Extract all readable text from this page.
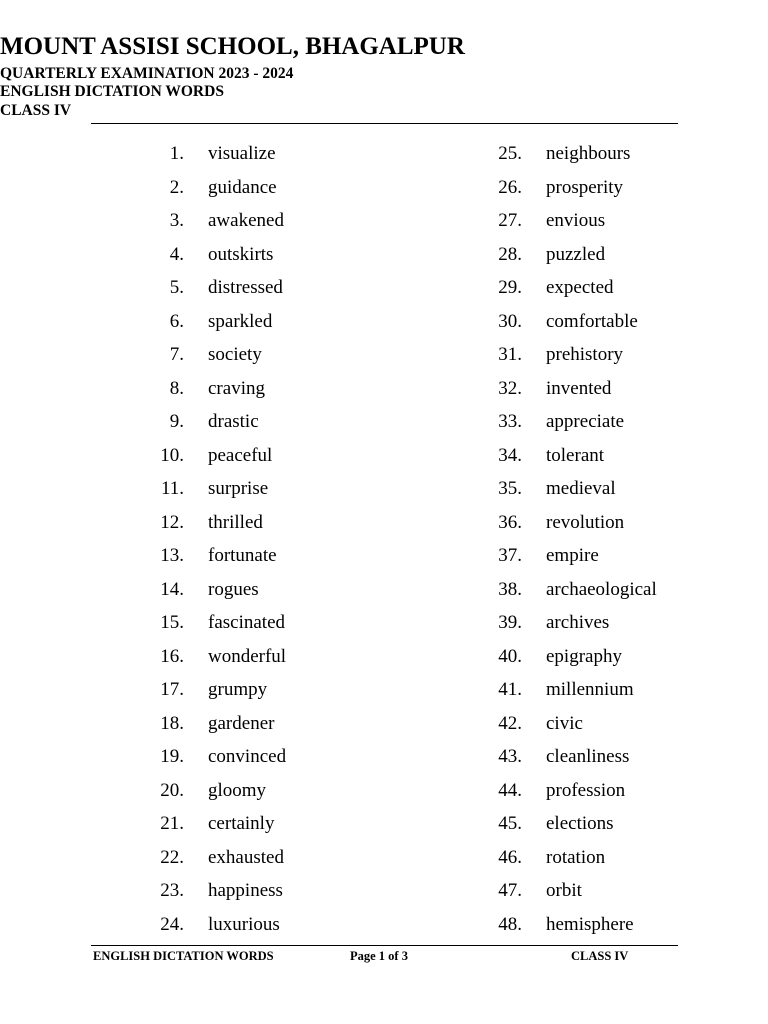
MOUNT ASSISI SCHOOL, BHAGALPUR
QUARTERLY EXAMINATION 2023 - 2024
ENGLISH DICTATION WORDS
CLASS IV
1. visualize
2. guidance
3. awakened
4. outskirts
5. distressed
6. sparkled
7. society
8. craving
9. drastic
10. peaceful
11. surprise
12. thrilled
13. fortunate
14. rogues
15. fascinated
16. wonderful
17. grumpy
18. gardener
19. convinced
20. gloomy
21. certainly
22. exhausted
23. happiness
24. luxurious
25. neighbours
26. prosperity
27. envious
28. puzzled
29. expected
30. comfortable
31. prehistory
32. invented
33. appreciate
34. tolerant
35. medieval
36. revolution
37. empire
38. archaeological
39. archives
40. epigraphy
41. millennium
42. civic
43. cleanliness
44. profession
45. elections
46. rotation
47. orbit
48. hemisphere
ENGLISH DICTATION WORDS	Page 1 of 3	CLASS IV
